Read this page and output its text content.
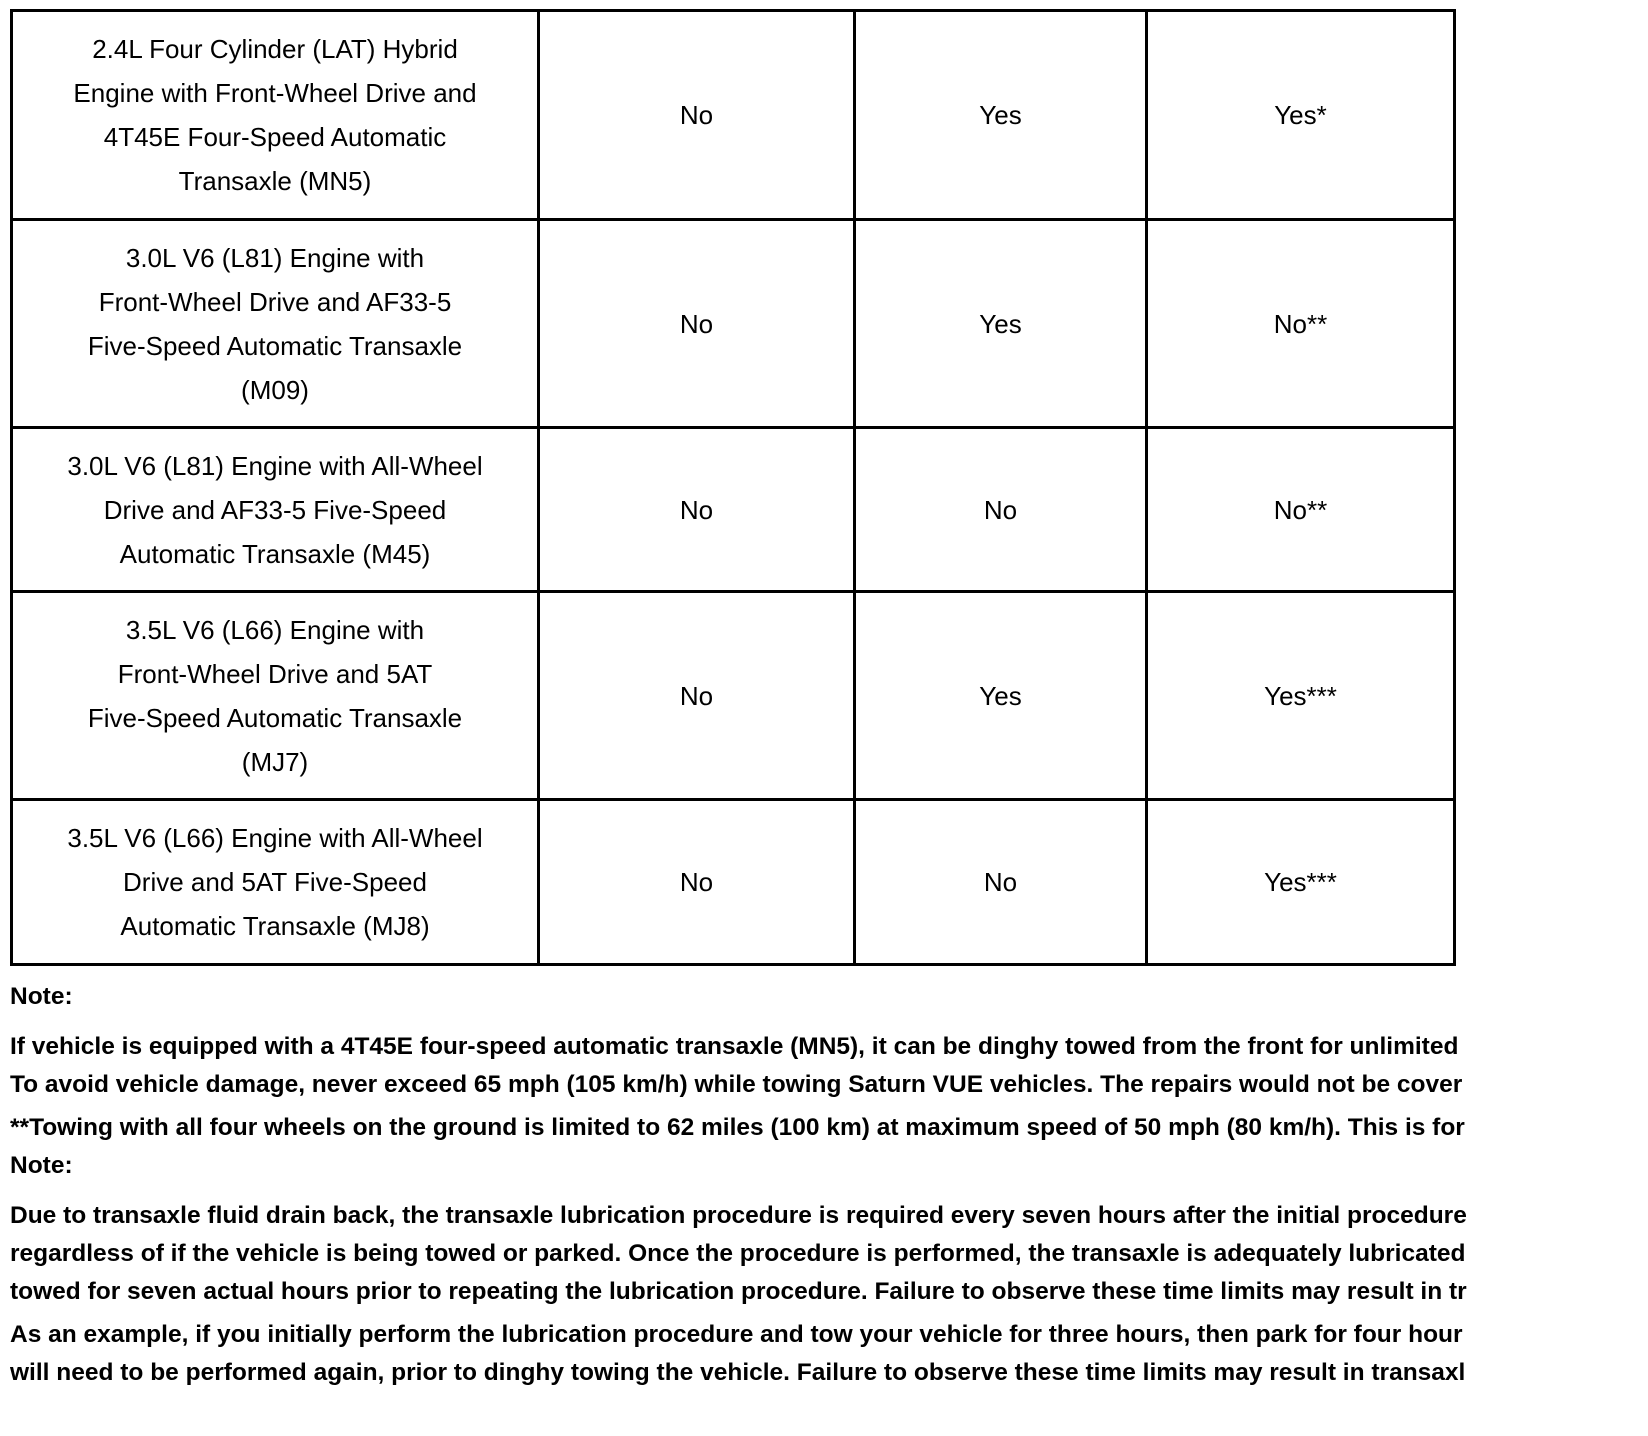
2.4L Four Cylinder (LAT) Hybrid
Engine with Front-Wheel Drive and
4T45E Four-Speed Automatic
Transaxle (MN5)	No	Yes	Yes*

3.0L V6 (L81) Engine with
Front-Wheel Drive and AF33-5
Five-Speed Automatic Transaxle
(M09)	No	Yes	No**

3.0L V6 (L81) Engine with All-Wheel
Drive and AF33-5 Five-Speed
Automatic Transaxle (M45)	No	No	No**

3.5L V6 (L66) Engine with
Front-Wheel Drive and 5AT
Five-Speed Automatic Transaxle
(MJ7)	No	Yes	Yes***

3.5L V6 (L66) Engine with All-Wheel
Drive and 5AT Five-Speed
Automatic Transaxle (MJ8)	No	No	Yes***

Note:

If vehicle is equipped with a 4T45E four-speed automatic transaxle (MN5), it can be dinghy towed from the front for unlimited

To avoid vehicle damage, never exceed 65 mph (105 km/h) while towing Saturn VUE vehicles. The repairs would not be cover

**Towing with all four wheels on the ground is limited to 62 miles (100 km) at maximum speed of 50 mph (80 km/h). This is for

Note:

Due to transaxle fluid drain back, the transaxle lubrication procedure is required every seven hours after the initial procedure

regardless of if the vehicle is being towed or parked. Once the procedure is performed, the transaxle is adequately lubricated

towed for seven actual hours prior to repeating the lubrication procedure. Failure to observe these time limits may result in tr

As an example, if you initially perform the lubrication procedure and tow your vehicle for three hours, then park for four hour

will need to be performed again, prior to dinghy towing the vehicle. Failure to observe these time limits may result in transaxl
